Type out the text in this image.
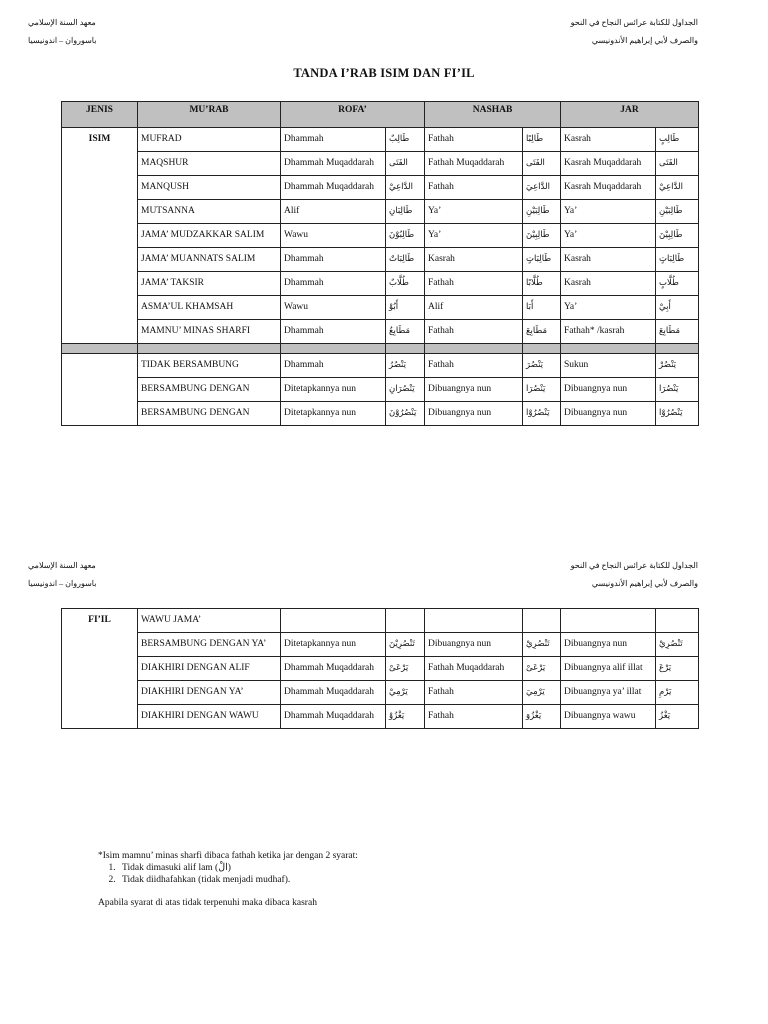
معهد السنة الإسلامي
باسوروان – اندونيسيا
الجداول للكتابة عرائس النجاح في النحو
والصرف لأبي إبراهيم الأندونيسي
TANDA I’RAB ISIM DAN FI’IL
JENIS	MU’RAB	ROFA’		NASHAB		JAR	
ISIM	MUFRAD	Dhammah	طَالِبٌ	Fathah	طَالِبًا	Kasrah	طَالِبٍ
	MAQSHUR	Dhammah Muqaddarah	الفَتَى	Fathah Muqaddarah	الفَتَى	Kasrah Muqaddarah	الفَتَى
	MANQUSH	Dhammah Muqaddarah	الدَّاعِيْ	Fathah	الدَّاعِيَ	Kasrah Muqaddarah	الدَّاعِيْ
	MUTSANNA	Alif	طَالِبَانِ	Ya’	طَالِبَيْنِ	Ya’	طَالِبَيْنِ
	JAMA’ MUDZAKKAR SALIM	Wawu	طَالِبُوْنَ	Ya’	طَالِبِيْنَ	Ya’	طَالِبِيْنَ
	JAMA’ MUANNATS SALIM	Dhammah	طَالِبَاتٌ	Kasrah	طَالِبَاتٍ	Kasrah	طَالِبَاتٍ
	JAMA’ TAKSIR	Dhammah	طُلَّابٌ	Fathah	طُلَّابًا	Kasrah	طُلَّابٍ
	ASMA’UL KHAMSAH	Wawu	أَبُوْ	Alif	أَبَا	Ya’	أَبِيْ
	MAMNU’ MINAS SHARFI	Dhammah	مَطَابِعُ	Fathah	مَطَابِعَ	Fathah* /kasrah	مَطَابِعَ

	TIDAK BERSAMBUNG	Dhammah	يَنْصُرُ	Fathah	يَنْصُرَ	Sukun	يَنْصُرْ
	BERSAMBUNG DENGAN	Ditetapkannya nun	يَنْصُرَانِ	Dibuangnya nun	يَنْصُرَا	Dibuangnya nun	يَنْصُرَا
	BERSAMBUNG DENGAN	Ditetapkannya nun	يَنْصُرُوْنَ	Dibuangnya nun	يَنْصُرُوْا	Dibuangnya nun	يَنْصُرُوْا
معهد السنة الإسلامي
باسوروان – اندونيسيا
الجداول للكتابة عرائس النجاح في النحو
والصرف لأبي إبراهيم الأندونيسي
FI’IL	WAWU JAMA’						
	BERSAMBUNG DENGAN YA’	Ditetapkannya nun	تَنْصُرِيْنَ	Dibuangnya nun	تَنْصُرِيْ	Dibuangnya nun	تَنْصُرِيْ
	DIAKHIRI DENGAN ALIF	Dhammah Muqaddarah	يَرْعَىْ	Fathah Muqaddarah	يَرْعَىْ	Dibuangnya alif illat	يَرْعَ
	DIAKHIRI DENGAN YA’	Dhammah Muqaddarah	يَرْمِيْ	Fathah	يَرْمِيَ	Dibuangnya ya’ illat	يَرْمِ
	DIAKHIRI DENGAN WAWU	Dhammah Muqaddarah	يَغْزُوْ	Fathah	يَغْزُوَ	Dibuangnya wawu	يَغْزُ

*Isim mamnu’ minas sharfi dibaca fathah ketika jar dengan 2 syarat:

1. Tidak dimasuki alif lam (الْ)
2. Tidak diidhafahkan (tidak menjadi mudhaf).

Apabila syarat di atas tidak terpenuhi maka dibaca kasrah
